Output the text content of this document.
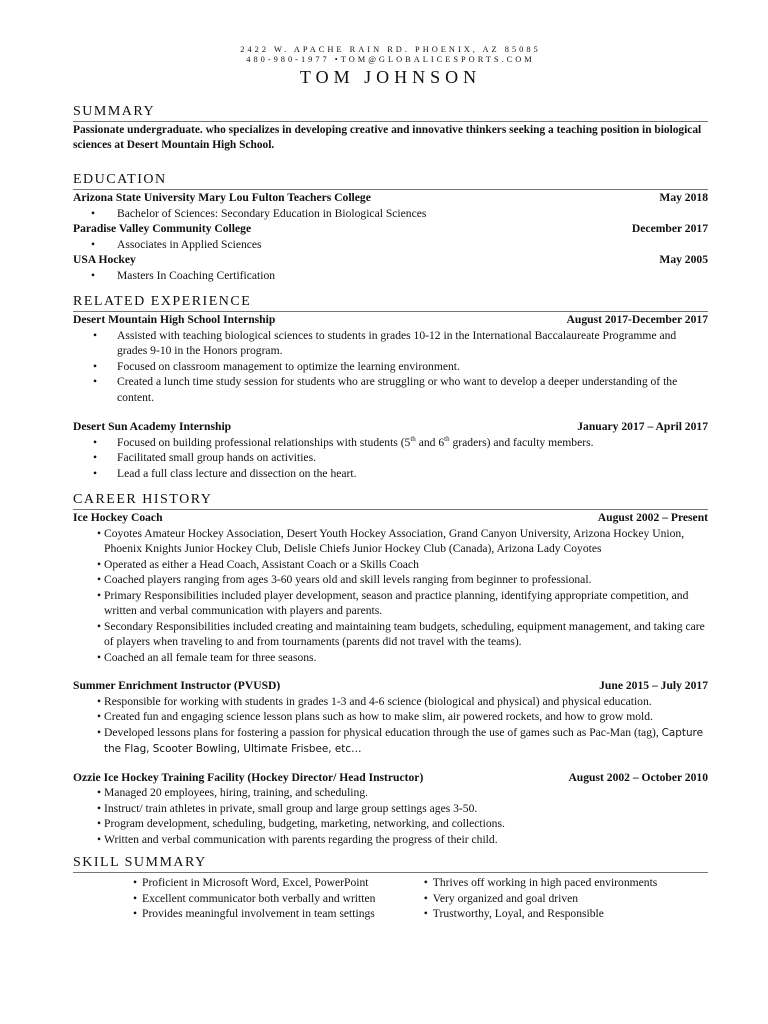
2422 W. APACHE RAIN RD. PHOENIX, AZ 85085
480-980-1977 •TOM@GLOBALICESPORTS.COM
TOM JOHNSON
SUMMARY
Passionate undergraduate. who specializes in developing creative and innovative thinkers seeking a teaching position in biological sciences at Desert Mountain High School.
EDUCATION
Arizona State University Mary Lou Fulton Teachers College	May 2018
• Bachelor of Sciences: Secondary Education in Biological Sciences
Paradise Valley Community College	December 2017
• Associates in Applied Sciences
USA Hockey	May 2005
• Masters In Coaching Certification
RELATED EXPERIENCE
Desert Mountain High School Internship	August 2017-December 2017
• Assisted with teaching biological sciences to students in grades 10-12 in the International Baccalaureate Programme and grades 9-10 in the Honors program.
• Focused on classroom management to optimize the learning environment.
• Created a lunch time study session for students who are struggling or who want to develop a deeper understanding of the content.
Desert Sun Academy Internship	January 2017 – April 2017
• Focused on building professional relationships with students (5th and 6th graders) and faculty members.
• Facilitated small group hands on activities.
• Lead a full class lecture and dissection on the heart.
CAREER HISTORY
Ice Hockey Coach	August 2002 – Present
• Coyotes Amateur Hockey Association, Desert Youth Hockey Association, Grand Canyon University, Arizona Hockey Union, Phoenix Knights Junior Hockey Club, Delisle Chiefs Junior Hockey Club (Canada), Arizona Lady Coyotes
• Operated as either a Head Coach, Assistant Coach or a Skills Coach
• Coached players ranging from ages 3-60 years old and skill levels ranging from beginner to professional.
• Primary Responsibilities included player development, season and practice planning, identifying appropriate competition, and written and verbal communication with players and parents.
• Secondary Responsibilities included creating and maintaining team budgets, scheduling, equipment management, and taking care of players when traveling to and from tournaments (parents did not travel with the teams).
• Coached an all female team for three seasons.
Summer Enrichment Instructor (PVUSD)	June 2015 – July 2017
• Responsible for working with students in grades 1-3 and 4-6 science (biological and physical) and physical education.
• Created fun and engaging science lesson plans such as how to make slim, air powered rockets, and how to grow mold.
• Developed lessons plans for fostering a passion for physical education through the use of games such as Pac-Man (tag), Capture the Flag, Scooter Bowling, Ultimate Frisbee, etc…
Ozzie Ice Hockey Training Facility (Hockey Director/ Head Instructor)	August 2002 – October 2010
• Managed 20 employees, hiring, training, and scheduling.
• Instruct/ train athletes in private, small group and large group settings ages 3-50.
• Program development, scheduling, budgeting, marketing, networking, and collections.
• Written and verbal communication with parents regarding the progress of their child.
SKILL SUMMARY
• Proficient in Microsoft Word, Excel, PowerPoint
• Excellent communicator both verbally and written
• Provides meaningful involvement in team settings
• Thrives off working in high paced environments
• Very organized and goal driven
• Trustworthy, Loyal, and Responsible
